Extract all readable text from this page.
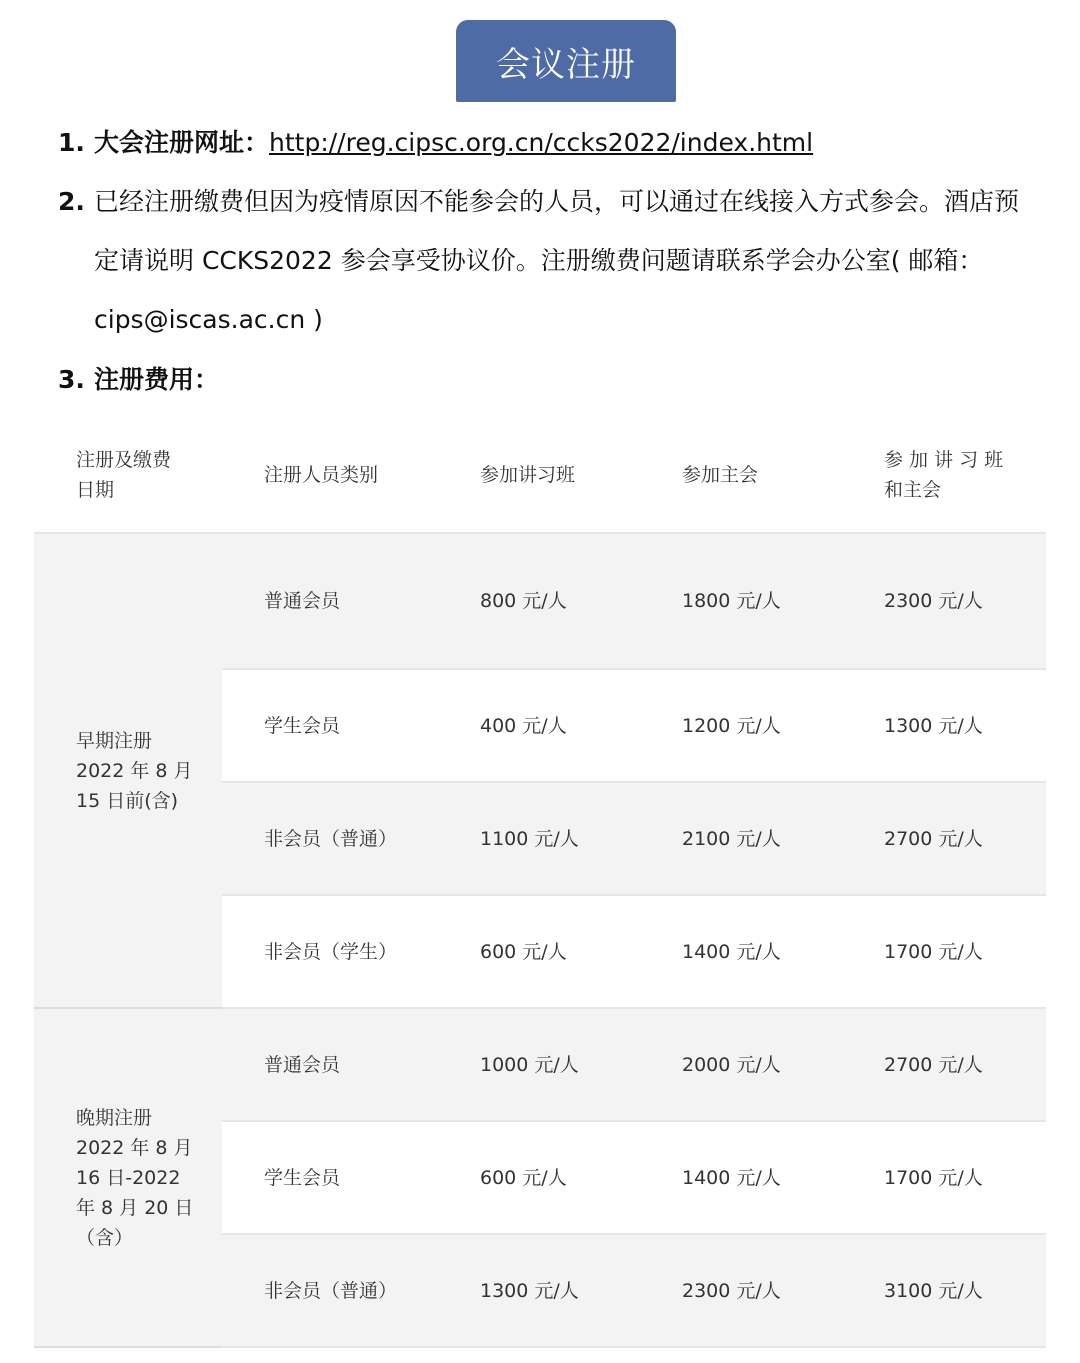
会议注册
1. 大会注册网址：http://reg.cipsc.org.cn/ccks2022/index.html
2. 已经注册缴费但因为疫情原因不能参会的人员，可以通过在线接入方式参会。酒店预定请说明 CCKS2022 参会享受协议价。注册缴费问题请联系学会办公室( 邮箱：cips@iscas.ac.cn )
3. 注册费用：
注册及缴费
日期	注册人员类别	参加讲习班	参加主会	参 加 讲 习 班
和主会
早期注册
2022 年 8 月
15 日前(含)	普通会员	800 元/人	1800 元/人	2300 元/人
	学生会员	400 元/人	1200 元/人	1300 元/人
	非会员（普通）	1100 元/人	2100 元/人	2700 元/人
	非会员（学生）	600 元/人	1400 元/人	1700 元/人
晚期注册
2022 年 8 月
16 日-2022
年 8 月 20 日
（含）	普通会员	1000 元/人	2000 元/人	2700 元/人
	学生会员	600 元/人	1400 元/人	1700 元/人
	非会员（普通）	1300 元/人	2300 元/人	3100 元/人
